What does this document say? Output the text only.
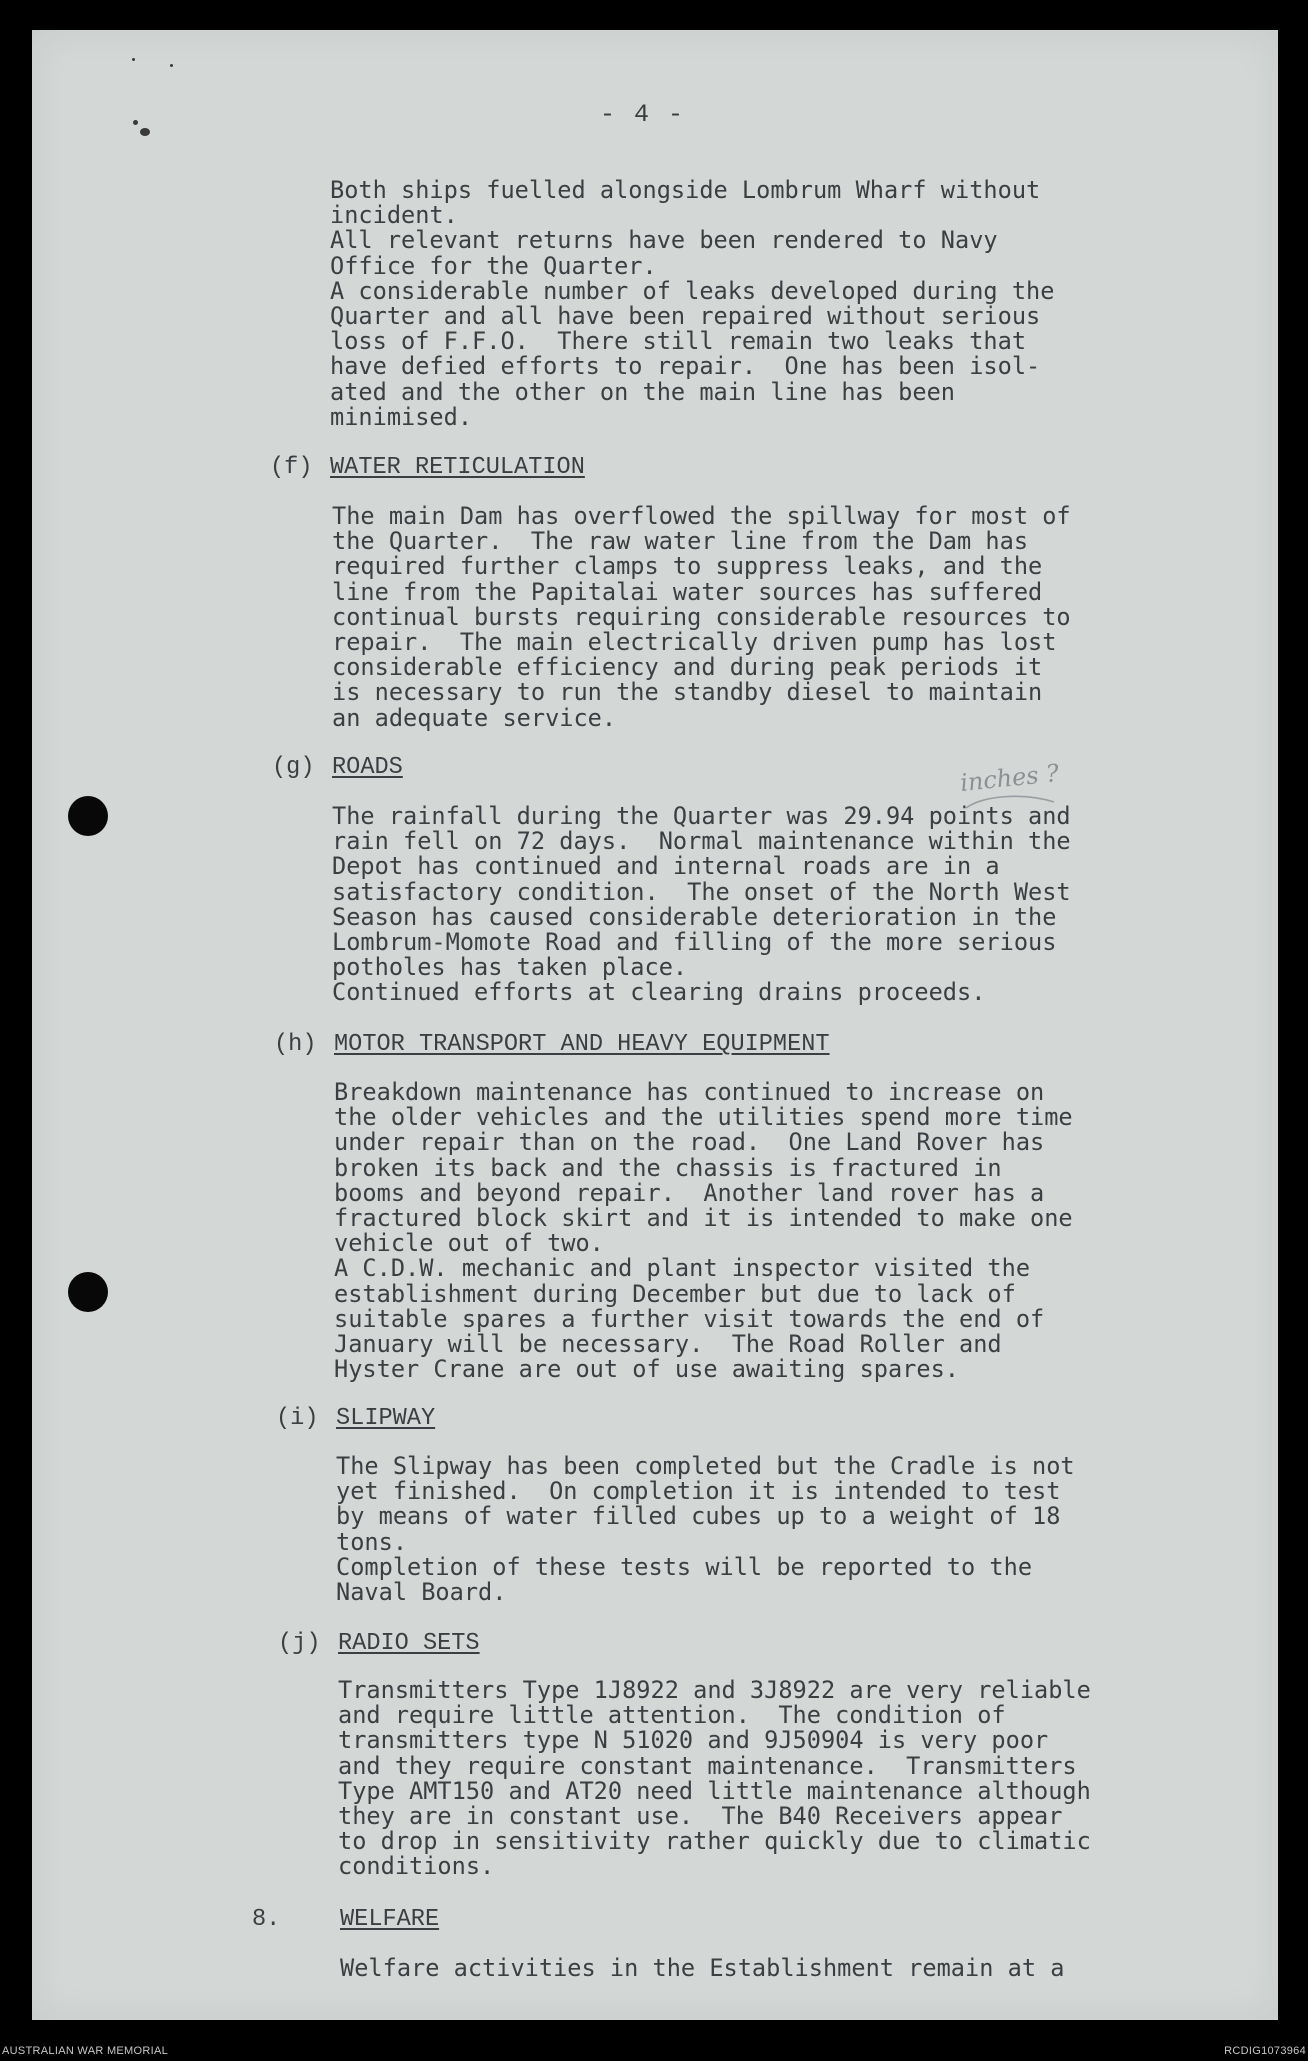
- 4 -
Both ships fuelled alongside Lombrum Wharf without
incident.
All relevant returns have been rendered to Navy
Office for the Quarter.
A considerable number of leaks developed during the
Quarter and all have been repaired without serious
loss of F.F.O.  There still remain two leaks that
have defied efforts to repair.  One has been isol-
ated and the other on the main line has been
minimised.
(f) WATER RETICULATION
The main Dam has overflowed the spillway for most of
the Quarter.  The raw water line from the Dam has
required further clamps to suppress leaks, and the
line from the Papitalai water sources has suffered
continual bursts requiring considerable resources to
repair.  The main electrically driven pump has lost
considerable efficiency and during peak periods it
is necessary to run the standby diesel to maintain
an adequate service.
(g) ROADS
The rainfall during the Quarter was 29.94 points and
rain fell on 72 days.  Normal maintenance within the
Depot has continued and internal roads are in a
satisfactory condition.  The onset of the North West
Season has caused considerable deterioration in the
Lombrum-Momote Road and filling of the more serious
potholes has taken place.
Continued efforts at clearing drains proceeds.
inches ?
(h) MOTOR TRANSPORT AND HEAVY EQUIPMENT
Breakdown maintenance has continued to increase on
the older vehicles and the utilities spend more time
under repair than on the road.  One Land Rover has
broken its back and the chassis is fractured in
booms and beyond repair.  Another land rover has a
fractured block skirt and it is intended to make one
vehicle out of two.
A C.D.W. mechanic and plant inspector visited the
establishment during December but due to lack of
suitable spares a further visit towards the end of
January will be necessary.  The Road Roller and
Hyster Crane are out of use awaiting spares.
(i) SLIPWAY
The Slipway has been completed but the Cradle is not
yet finished.  On completion it is intended to test
by means of water filled cubes up to a weight of 18
tons.
Completion of these tests will be reported to the
Naval Board.
(j) RADIO SETS
Transmitters Type 1J8922 and 3J8922 are very reliable
and require little attention.  The condition of
transmitters type N 51020 and 9J50904 is very poor
and they require constant maintenance.  Transmitters
Type AMT150 and AT20 need little maintenance although
they are in constant use.  The B40 Receivers appear
to drop in sensitivity rather quickly due to climatic
conditions.
8.	WELFARE
Welfare activities in the Establishment remain at a
AUSTRALIAN WAR MEMORIAL	RCDIG1073964
